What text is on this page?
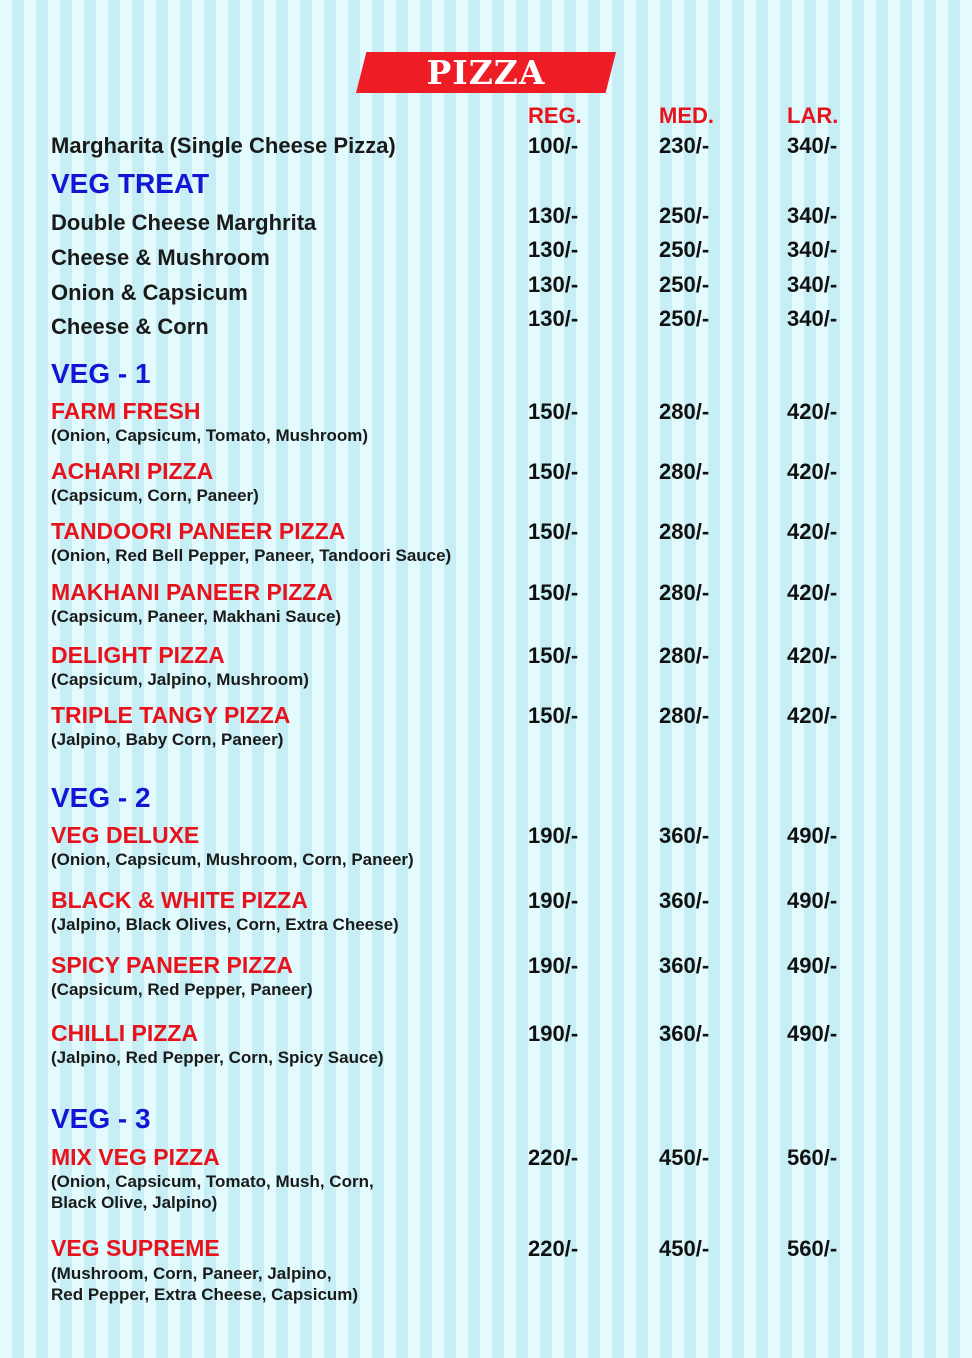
PIZZA
REG.	MED.	LAR.
Margharita (Single Cheese Pizza)	100/-	230/-	340/-
VEG TREAT
Double Cheese Marghrita	130/-	250/-	340/-
Cheese & Mushroom	130/-	250/-	340/-
Onion & Capsicum	130/-	250/-	340/-
Cheese & Corn	130/-	250/-	340/-
VEG - 1
FARM FRESH
(Onion, Capsicum, Tomato, Mushroom)
150/-	280/-	420/-
ACHARI PIZZA
(Capsicum, Corn, Paneer)
150/-	280/-	420/-
TANDOORI PANEER PIZZA
(Onion, Red Bell Pepper, Paneer, Tandoori Sauce)
150/-	280/-	420/-
MAKHANI PANEER PIZZA
(Capsicum, Paneer, Makhani Sauce)
150/-	280/-	420/-
DELIGHT PIZZA
(Capsicum, Jalpino, Mushroom)
150/-	280/-	420/-
TRIPLE TANGY PIZZA
(Jalpino, Baby Corn, Paneer)
150/-	280/-	420/-
VEG - 2
VEG DELUXE
(Onion, Capsicum, Mushroom, Corn, Paneer)
190/-	360/-	490/-
BLACK & WHITE PIZZA
(Jalpino, Black Olives, Corn, Extra Cheese)
190/-	360/-	490/-
SPICY PANEER PIZZA
(Capsicum, Red Pepper, Paneer)
190/-	360/-	490/-
CHILLI PIZZA
(Jalpino, Red Pepper, Corn, Spicy Sauce)
190/-	360/-	490/-
VEG - 3
MIX VEG PIZZA
(Onion, Capsicum, Tomato, Mush, Corn,
Black Olive, Jalpino)
220/-	450/-	560/-
VEG SUPREME
(Mushroom, Corn, Paneer, Jalpino,
Red Pepper, Extra Cheese, Capsicum)
220/-	450/-	560/-
